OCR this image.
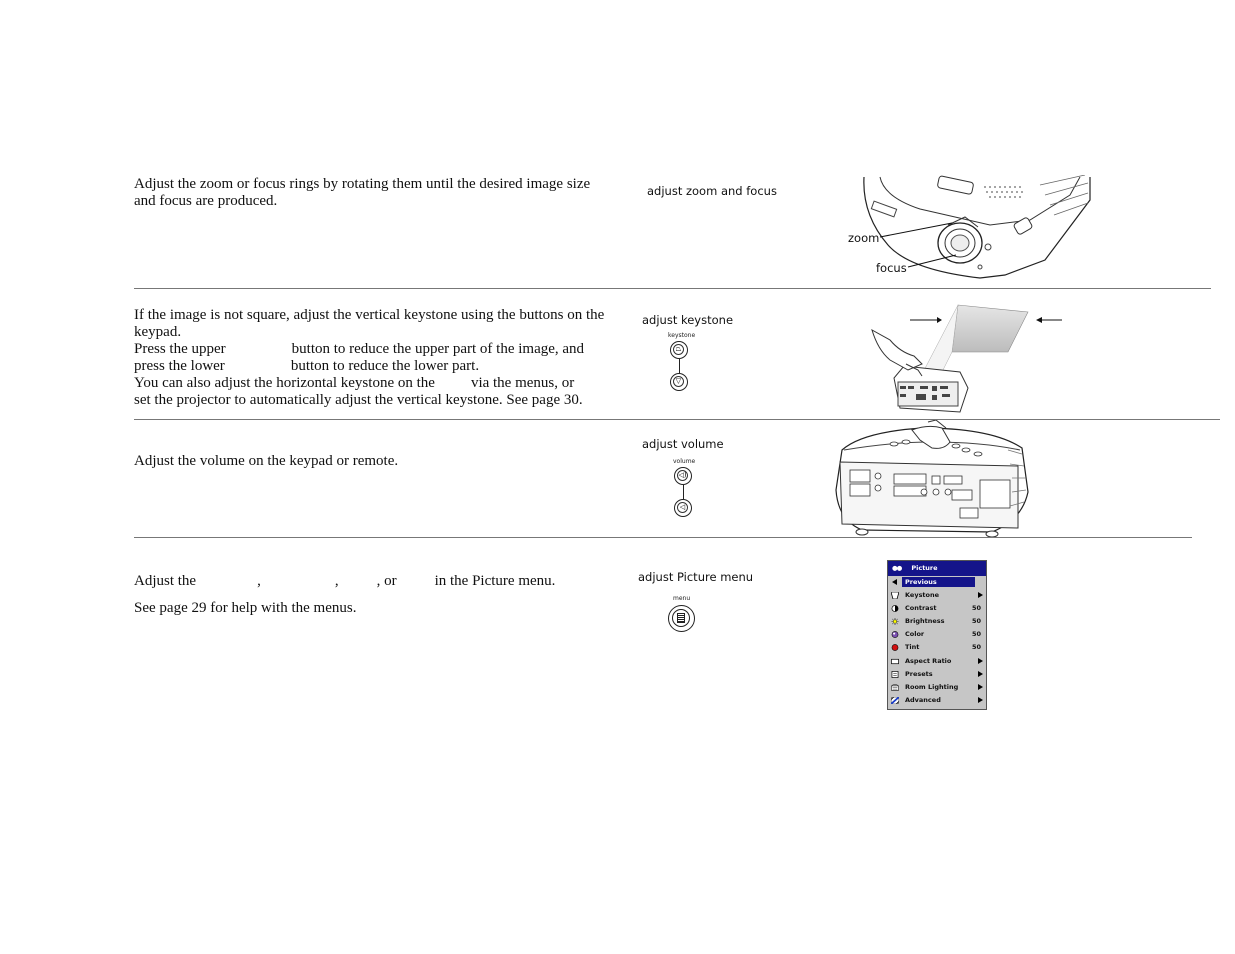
Adjust the zoom or focus rings by rotating them until the desired image size and focus are produced.

adjust zoom and focus
zoom
focus

If the image is not square, adjust the vertical keystone using the buttons on the keypad.

Press the upper	button to reduce the upper part of the image, and

press the lower	button to reduce the lower part.

You can also adjust the horizontal keystone on the via the menus, or

set the projector to automatically adjust the vertical keystone. See page 30.

adjust keystone
keystone
⏢
▽

Adjust the volume on the keypad or remote.

adjust volume
volume
◁)
◁

Adjust the	,	,	, or	in the Picture menu.

See page 29 for help with the menus.

adjust Picture menu
menu
●● Picture
Previous
Keystone
Contrast	50
Brightness	50
Color	50
Tint	50
Aspect Ratio
Presets
Room Lighting
Advanced
